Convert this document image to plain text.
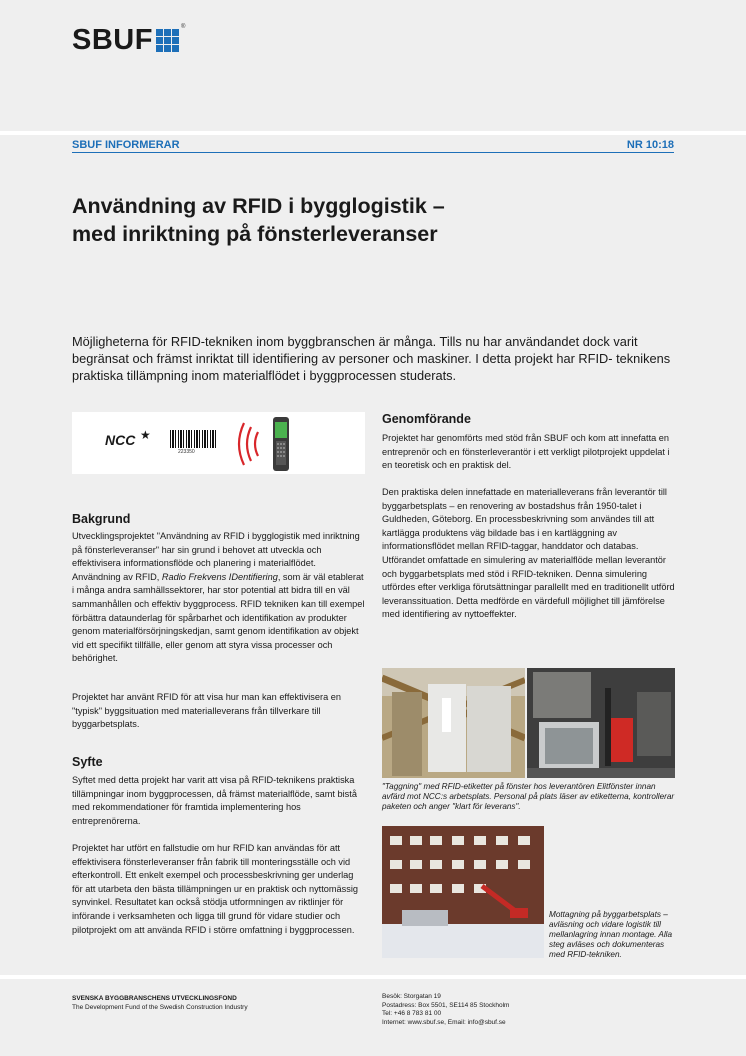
SBUF	®
SBUF INFORMERAR	NR 10:18
Användning av RFID i bygglogistik –
med inriktning på fönsterleveranser

Möjligheterna för RFID-tekniken inom byggbranschen är många. Tills nu har användandet dock varit begränsat och främst inriktat till identifiering av personer och maskiner. I detta projekt har RFID- teknikens praktiska tillämpning inom materialflödet i byggprocessen studerats.

NCC ★
223350
Bakgrund

Utvecklingsprojektet "Användning av RFID i bygglogistik med inriktning på fönsterleveranser" har sin grund i behovet att utveckla och effektivisera informationsflöde och planering i materialflödet. Användning av RFID, Radio Frekvens IDentifiering, som är väl etablerat i många andra samhällssektorer, har stor potential att bidra till en väl sammanhållen och effektiv byggprocess. RFID tekniken kan till exempel förbättra dataunderlag för spårbarhet och identifikation av produkter genom materialförsörjningskedjan, samt genom identifikation av objekt vid ett specifikt tillfälle, eller genom att styra vissa processer och behörighet.

Projektet har använt RFID för att visa hur man kan effektivisera en "typisk" byggsituation med materialleverans från tillverkare till byggarbetsplats.

Syfte

Syftet med detta projekt har varit att visa på RFID-teknikens praktiska tillämpningar inom byggprocessen, då främst materialflöde, samt bistå med rekommendationer för framtida implementering hos entreprenörerna.

Projektet har utfört en fallstudie om hur RFID kan användas för att effektivisera fönsterleveranser från fabrik till monteringsställe och vid efterkontroll. Ett enkelt exempel och processbeskrivning ger underlag för att utarbeta den bästa tillämpningen ur en praktisk och nyttomässig synvinkel. Resultatet kan också stödja utformningen av riktlinjer för införande i verksamheten och ligga till grund för vidare studier och pilotprojekt om att använda RFID i större omfattning i byggprocessen.

Genomförande

Projektet har genomförts med stöd från SBUF och kom att innefatta en entreprenör och en fönsterleverantör i ett verkligt pilotprojekt uppdelat i en teoretisk och en praktisk del.

Den praktiska delen innefattade en materialleverans från leverantör till byggarbetsplats – en renovering av bostadshus från 1950-talet i Guldheden, Göteborg. En processbeskrivning som användes till att kartlägga produktens väg bildade bas i en kartläggning av informationsflödet mellan RFID-taggar, handdator och databas. Utförandet omfattade en simulering av materialflöde mellan leverantör och byggarbetsplats med stöd i RFID-tekniken. Denna simulering utfördes efter verkliga förutsättningar parallellt med en traditionellt utförd leveranssituation. Detta medförde en värdefull möjlighet till jämförelse med identifiering av nyttoeffekter.

"Taggning" med RFID-etiketter på fönster hos leverantören Elitfönster innan avfärd mot NCC:s arbetsplats. Personal på plats läser av etiketterna, kontrollerar paketen och anger "klart för leverans".

Mottagning på byggarbetsplats – avläsning och vidare logistik till mellanlagring innan montage. Alla steg avläses och dokumenteras med RFID-tekniken.

SVENSKA BYGGBRANSCHENS UTVECKLINGSFOND
The Development Fund of the Swedish Construction Industry
Besök: Storgatan 19
Postadress: Box 5501, SE114 85 Stockholm
Tel: +46 8 783 81 00
Internet: www.sbuf.se, Email: info@sbuf.se
